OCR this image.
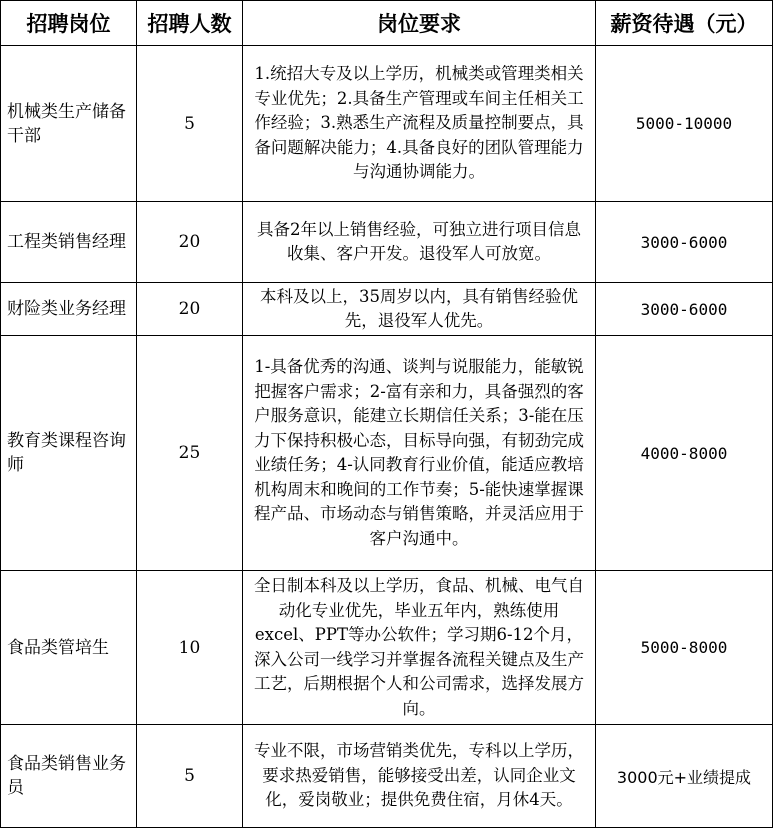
招聘岗位	招聘人数	岗位要求	薪资待遇（元）
机械类生产储备干部	5	1.统招大专及以上学历，机械类或管理类相关专业优先；2.具备生产管理或车间主任相关工作经验；3.熟悉生产流程及质量控制要点，具备问题解决能力；4.具备良好的团队管理能力与沟通协调能力。	5000-10000
工程类销售经理	20	具备2年以上销售经验，可独立进行项目信息收集、客户开发。退役军人可放宽。	3000-6000
财险类业务经理	20	本科及以上，35周岁以内，具有销售经验优先，退役军人优先。	3000-6000
教育类课程咨询师	25	1-具备优秀的沟通、谈判与说服能力，能敏锐把握客户需求；2-富有亲和力，具备强烈的客户服务意识，能建立长期信任关系；3-能在压力下保持积极心态，目标导向强，有韧劲完成业绩任务；4-认同教育行业价值，能适应教培机构周末和晚间的工作节奏；5-能快速掌握课程产品、市场动态与销售策略，并灵活应用于客户沟通中。	4000-8000
食品类管培生	10	全日制本科及以上学历，食品、机械、电气自动化专业优先，毕业五年内，熟练使用excel、PPT等办公软件；学习期6-12个月，深入公司一线学习并掌握各流程关键点及生产工艺，后期根据个人和公司需求，选择发展方向。	5000-8000
食品类销售业务员	5	专业不限，市场营销类优先，专科以上学历，要求热爱销售，能够接受出差，认同企业文化，爱岗敬业；提供免费住宿，月休4天。	3000元+业绩提成
